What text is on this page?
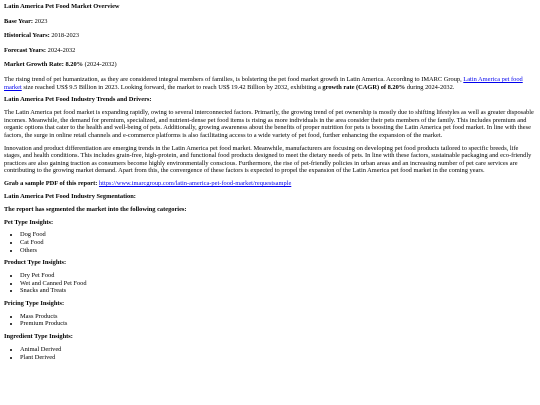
Latin America Pet Food Market Overview

Base Year: 2023

Historical Years: 2018-2023

Forecast Years: 2024-2032

Market Growth Rate: 8.20% (2024-2032)

The rising trend of pet humanization, as they are considered integral members of families, is bolstering the pet food market growth in Latin America. According to IMARC Group, Latin America pet food market size reached US$ 9.5 Billion in 2023. Looking forward, the market to reach US$ 19.42 Billion by 2032, exhibiting a growth rate (CAGR) of 8.20% during 2024-2032.

Latin America Pet Food Industry Trends and Drivers:

The Latin America pet food market is expanding rapidly, owing to several interconnected factors. Primarily, the growing trend of pet ownership is mostly due to shifting lifestyles as well as greater disposable incomes. Meanwhile, the demand for premium, specialized, and nutrient-dense pet food items is rising as more individuals in the area consider their pets members of the family. This includes premium and organic options that cater to the health and well-being of pets. Additionally, growing awareness about the benefits of proper nutrition for pets is boosting the Latin America pet food market. In line with these factors, the surge in online retail channels and e-commerce platforms is also facilitating access to a wide variety of pet food, further enhancing the expansion of the market.

Innovation and product differentiation are emerging trends in the Latin America pet food market. Meanwhile, manufacturers are focusing on developing pet food products tailored to specific breeds, life stages, and health conditions. This includes grain-free, high-protein, and functional food products designed to meet the dietary needs of pets. In line with these factors, sustainable packaging and eco-friendly practices are also gaining traction as consumers become highly environmentally conscious. Furthermore, the rise of pet-friendly policies in urban areas and an increasing number of pet care services are contributing to the growing market demand. Apart from this, the convergence of these factors is expected to propel the expansion of the Latin America pet food market in the coming years.

Grab a sample PDF of this report: https://www.imarcgroup.com/latin-america-pet-food-market/requestsample

Latin America Pet Food Industry Segmentation:

The report has segmented the market into the following categories:

Pet Type Insights:

• Dog Food
• Cat Food
• Others

Product Type Insights:

• Dry Pet Food
• Wet and Canned Pet Food
• Snacks and Treats

Pricing Type Insights:

• Mass Products
• Premium Products

Ingredient Type Insights:

• Animal Derived
• Plant Derived
